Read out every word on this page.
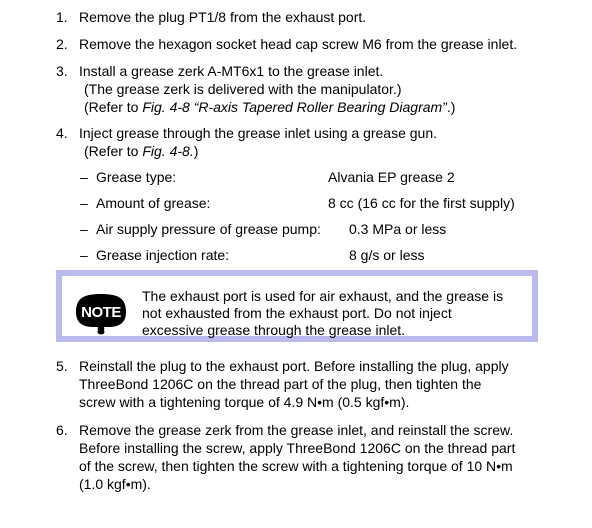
1. Remove the plug PT1/8 from the exhaust port.
2. Remove the hexagon socket head cap screw M6 from the grease inlet.
3. Install a grease zerk A-MT6x1 to the grease inlet.
(The grease zerk is delivered with the manipulator.)
(Refer to Fig. 4-8 “R-axis Tapered Roller Bearing Diagram”.)
4. Inject grease through the grease inlet using a grease gun.
(Refer to Fig. 4-8.)
– Grease type:	Alvania EP grease 2
– Amount of grease:	8 cc (16 cc for the first supply)
– Air supply pressure of grease pump: 0.3 MPa or less
– Grease injection rate:	8 g/s or less
NOTE
The exhaust port is used for air exhaust, and the grease is
not exhausted from the exhaust port. Do not inject
excessive grease through the grease inlet.
5. Reinstall the plug to the exhaust port. Before installing the plug, apply
ThreeBond 1206C on the thread part of the plug, then tighten the
screw with a tightening torque of 4.9 N•m (0.5 kgf•m).
6. Remove the grease zerk from the grease inlet, and reinstall the screw.
Before installing the screw, apply ThreeBond 1206C on the thread part
of the screw, then tighten the screw with a tightening torque of 10 N•m
(1.0 kgf•m).
